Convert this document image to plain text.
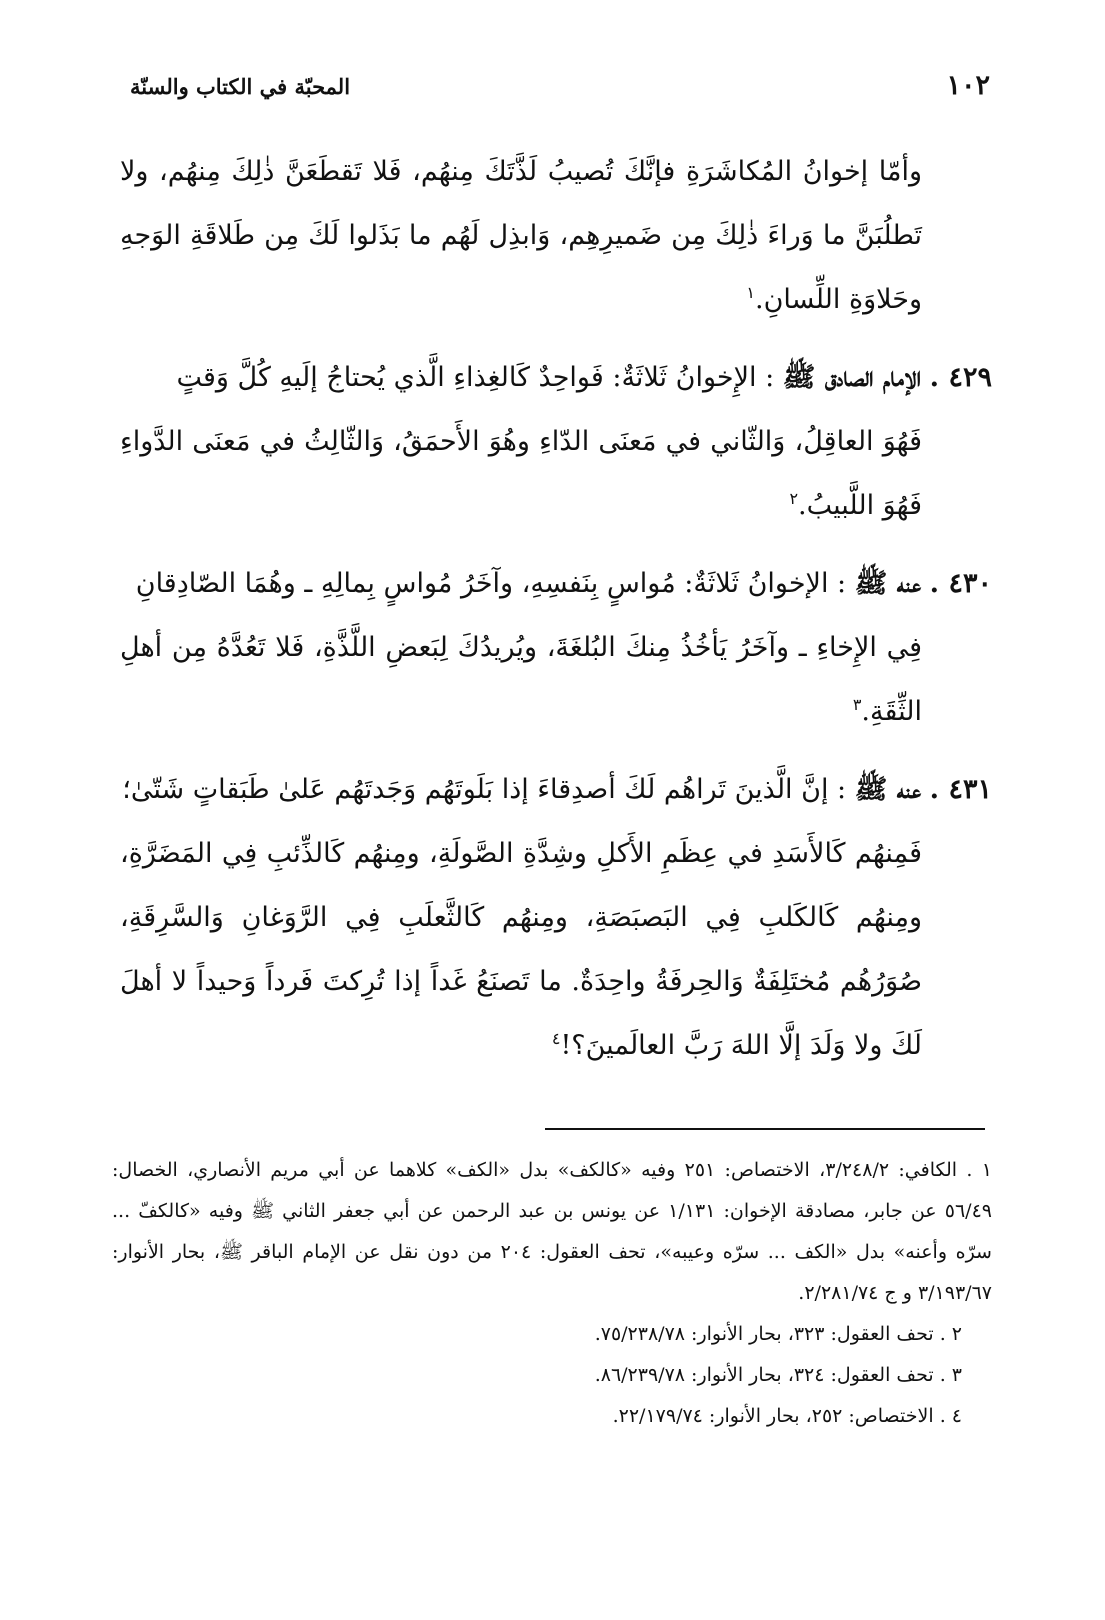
١٠٢
المحبّة في الكتاب والسنّة

وأمّا إخوانُ المُكاشَرَةِ فإنَّكَ تُصيبُ لَذَّتَكَ مِنهُم، فَلا تَقطَعَنَّ ذٰلِكَ مِنهُم، ولا تَطلُبَنَّ ما وَراءَ ذٰلِكَ مِن ضَميرِهِم، وَابذِل لَهُم ما بَذَلوا لَكَ مِن طَلاقَةِ الوَجهِ وحَلاوَةِ اللِّسانِ.$^١$

٤٢٩ . الإمام الصادق ﷺ : الإِخوانُ ثَلاثَةٌ: فَواحِدٌ كَالغِذاءِ الَّذي يُحتاجُ إلَيهِ كُلَّ وَقتٍ
فَهُوَ العاقِلُ، وَالثّاني في مَعنَى الدّاءِ وهُوَ الأَحمَقُ، وَالثّالِثُ في مَعنَى الدَّواءِ فَهُوَ اللَّبيبُ.$^٢$

٤٣٠ . عنه ﷺ : الإخوانُ ثَلاثَةٌ: مُواسٍ بِنَفسِهِ، وآخَرُ مُواسٍ بِمالِهِ ـ وهُمَا الصّادِقانِ
فِي الإِخاءِ ـ وآخَرُ يَأخُذُ مِنكَ البُلغَةَ، ويُريدُكَ لِبَعضِ اللَّذَّةِ، فَلا تَعُدَّهُ مِن أهلِ الثِّقَةِ.$^٣$

٤٣١ . عنه ﷺ : إنَّ الَّذينَ تَراهُم لَكَ أصدِقاءَ إذا بَلَوتَهُم وَجَدتَهُم عَلىٰ طَبَقاتٍ شَتّىٰ؛
فَمِنهُم كَالأَسَدِ في عِظَمِ الأَكلِ وشِدَّةِ الصَّولَةِ، ومِنهُم كَالذِّئبِ فِي المَضَرَّةِ، ومِنهُم كَالكَلبِ فِي البَصبَصَةِ، ومِنهُم كَالثَّعلَبِ فِي الرَّوَغانِ وَالسَّرِقَةِ، صُوَرُهُم مُختَلِفَةٌ وَالحِرفَةُ واحِدَةٌ. ما تَصنَعُ غَداً إذا تُرِكتَ فَرداً وَحيداً لا أهلَ لَكَ ولا وَلَدَ إلَّا اللهَ رَبَّ العالَمينَ؟!$^٤$

١ . الكافي: ٣/٢٤٨/٢، الاختصاص: ٢٥١ وفيه «كالكف» بدل «الكف» كلاهما عن أبي مريم الأنصاري، الخصال: ٥٦/٤٩ عن جابر، مصادقة الإخوان: ١/١٣١ عن يونس بن عبد الرحمن عن أبي جعفر الثاني ﷺ وفيه «كالكفّ ... سرّه وأعنه» بدل «الكف ... سرّه وعيبه»، تحف العقول: ٢٠٤ من دون نقل عن الإمام الباقر ﷺ، بحار الأنوار: ٣/١٩٣/٦٧ و ج ٢/٢٨١/٧٤.

٢ . تحف العقول: ٣٢٣، بحار الأنوار: ٧٥/٢٣٨/٧٨.

٣ . تحف العقول: ٣٢٤، بحار الأنوار: ٨٦/٢٣٩/٧٨.

٤ . الاختصاص: ٢٥٢، بحار الأنوار: ٢٢/١٧٩/٧٤.
